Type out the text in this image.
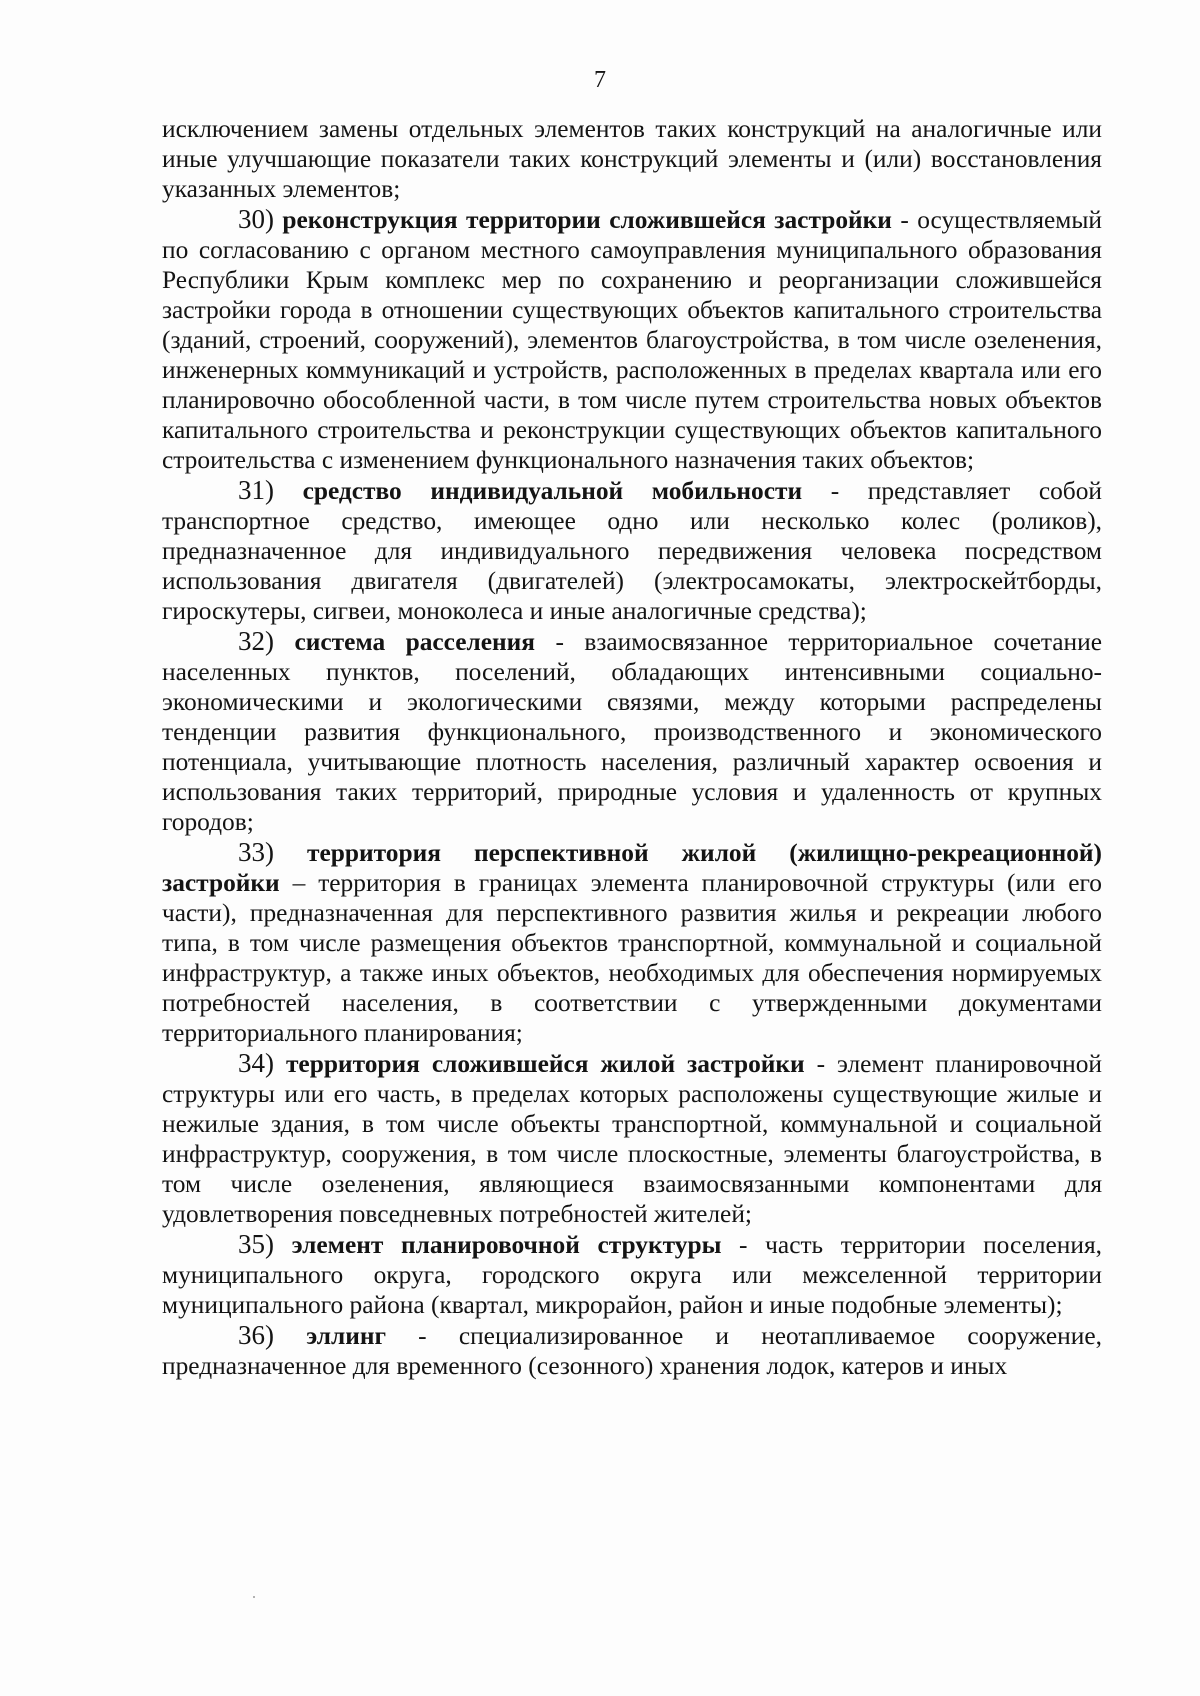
7

исключением замены отдельных элементов таких конструкций на аналогичные или иные улучшающие показатели таких конструкций элементы и (или) восстановления указанных элементов;

30) реконструкция территории сложившейся застройки - осуществляемый по согласованию с органом местного самоуправления муниципального образования Республики Крым комплекс мер по сохранению и реорганизации сложившейся застройки города в отношении существующих объектов капитального строительства (зданий, строений, сооружений), элементов благоустройства, в том числе озеленения, инженерных коммуникаций и устройств, расположенных в пределах квартала или его планировочно обособленной части, в том числе путем строительства новых объектов капитального строительства и реконструкции существующих объектов капитального строительства с изменением функционального назначения таких объектов;

31) средство индивидуальной мобильности - представляет собой транспортное средство, имеющее одно или несколько колес (роликов), предназначенное для индивидуального передвижения человека посредством использования двигателя (двигателей) (электросамокаты, электроскейтборды, гироскутеры, сигвеи, моноколеса и иные аналогичные средства);

32) система расселения - взаимосвязанное территориальное сочетание населенных пунктов, поселений, обладающих интенсивными социально-экономическими и экологическими связями, между которыми распределены тенденции развития функционального, производственного и экономического потенциала, учитывающие плотность населения, различный характер освоения и использования таких территорий, природные условия и удаленность от крупных городов;

33) территория перспективной жилой (жилищно-рекреационной) застройки – территория в границах элемента планировочной структуры (или его части), предназначенная для перспективного развития жилья и рекреации любого типа, в том числе размещения объектов транспортной, коммунальной и социальной инфраструктур, а также иных объектов, необходимых для обеспечения нормируемых потребностей населения, в соответствии с утвержденными документами территориального планирования;

34) территория сложившейся жилой застройки - элемент планировочной структуры или его часть, в пределах которых расположены существующие жилые и нежилые здания, в том числе объекты транспортной, коммунальной и социальной инфраструктур, сооружения, в том числе плоскостные, элементы благоустройства, в том числе озеленения, являющиеся взаимосвязанными компонентами для удовлетворения повседневных потребностей жителей;

35) элемент планировочной структуры - часть территории поселения, муниципального округа, городского округа или межселенной территории муниципального района (квартал, микрорайон, район и иные подобные элементы);

36) эллинг - специализированное и неотапливаемое сооружение, предназначенное для временного (сезонного) хранения лодок, катеров и иных
